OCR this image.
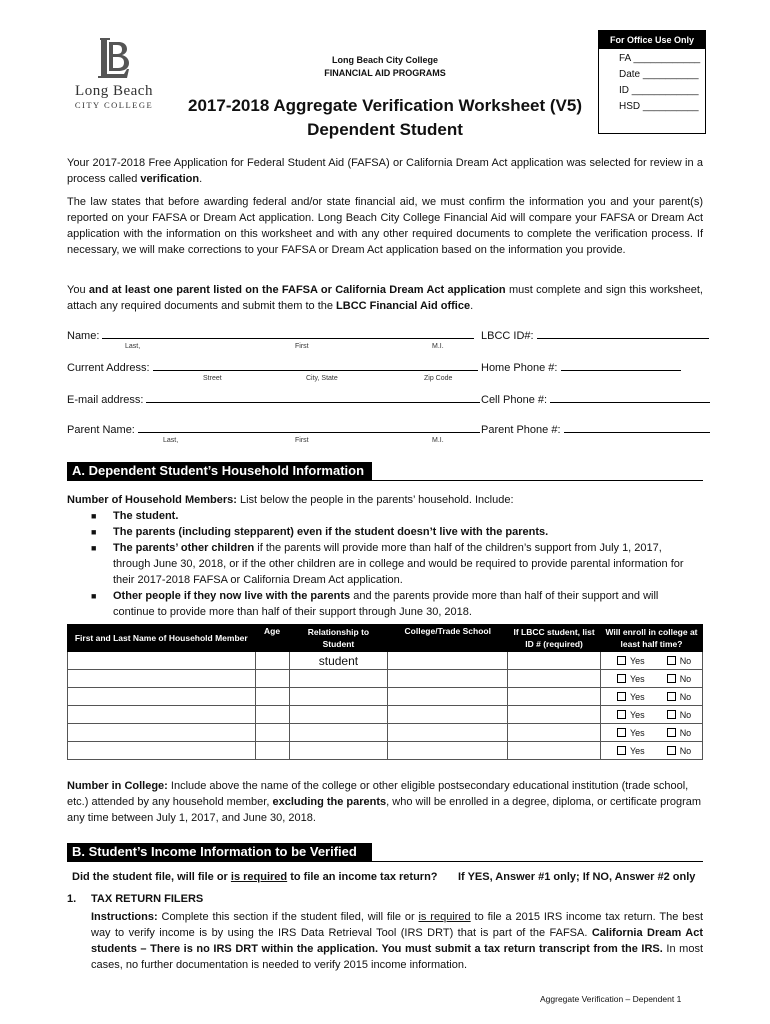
Long Beach
CITY COLLEGE
Long Beach City College
FINANCIAL AID PROGRAMS
2017-2018 Aggregate Verification Worksheet (V5)
Dependent Student
For Office Use Only
FA ____________
Date __________
ID ____________
HSD __________
Your 2017-2018 Free Application for Federal Student Aid (FAFSA) or California Dream Act application was selected for review in a process called verification.
The law states that before awarding federal and/or state financial aid, we must confirm the information you and your parent(s) reported on your FAFSA or Dream Act application. Long Beach City College Financial Aid will compare your FAFSA or Dream Act application with the information on this worksheet and with any other required documents to complete the verification process. If necessary, we will make corrections to your FAFSA or Dream Act application based on the information you provide.
You and at least one parent listed on the FAFSA or California Dream Act application must complete and sign this worksheet, attach any required documents and submit them to the LBCC Financial Aid office.
Name:
Last,	First	M.I.
LBCC ID#:
Current Address:
Street	City, State	Zip Code
Home Phone #:
E-mail address:	Cell Phone #:
Parent Name:
Last,	First	M.I.
Parent Phone #:
A. Dependent Student’s Household Information
Number of Household Members: List below the people in the parents’ household. Include:
■ The student.
■ The parents (including stepparent) even if the student doesn’t live with the parents.
■ The parents’ other children if the parents will provide more than half of the children’s support from July 1, 2017, through June 30, 2018, or if the other children are in college and would be required to provide parental information for their 2017-2018 FAFSA or California Dream Act application.
■ Other people if they now live with the parents and the parents provide more than half of their support and will continue to provide more than half of their support through June 30, 2018.
First and Last Name of Household Member	Age	Relationship to Student	College/Trade School	If LBCC student, list ID # (required)	Will enroll in college at least half time?
		student			Yes No
					Yes No
					Yes No
					Yes No
					Yes No
					Yes No
Number in College: Include above the name of the college or other eligible postsecondary educational institution (trade school, etc.) attended by any household member, excluding the parents, who will be enrolled in a degree, diploma, or certificate program any time between July 1, 2017, and June 30, 2018.
B. Student’s Income Information to be Verified
Did the student file, will file or is required to file an income tax return? If YES, Answer #1 only; If NO, Answer #2 only
1. TAX RETURN FILERS
Instructions: Complete this section if the student filed, will file or is required to file a 2015 IRS income tax return. The best way to verify income is by using the IRS Data Retrieval Tool (IRS DRT) that is part of the FAFSA. California Dream Act students – There is no IRS DRT within the application. You must submit a tax return transcript from the IRS. In most cases, no further documentation is needed to verify 2015 income information.
Aggregate Verification – Dependent 1
